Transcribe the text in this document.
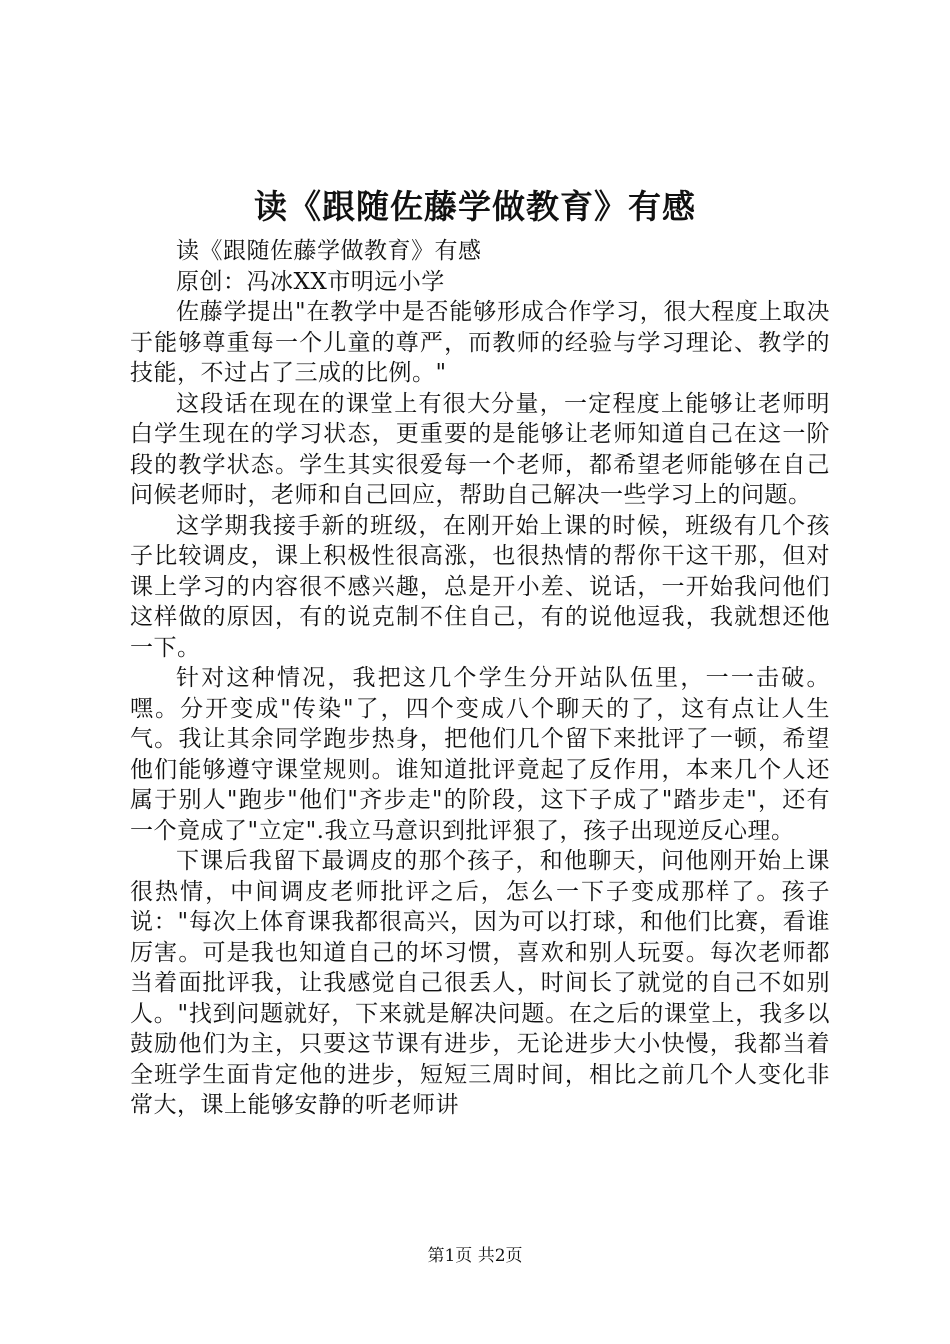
读《跟随佐藤学做教育》有感

读《跟随佐藤学做教育》有感

原创：冯冰XX市明远小学

佐藤学提出"在教学中是否能够形成合作学习，很大程度上取决于能够尊重每一个儿童的尊严，而教师的经验与学习理论、教学的技能，不过占了三成的比例。"

这段话在现在的课堂上有很大分量，一定程度上能够让老师明白学生现在的学习状态，更重要的是能够让老师知道自己在这一阶段的教学状态。学生其实很爱每一个老师，都希望老师能够在自己问候老师时，老师和自己回应，帮助自己解决一些学习上的问题。

这学期我接手新的班级，在刚开始上课的时候，班级有几个孩子比较调皮，课上积极性很高涨，也很热情的帮你干这干那，但对课上学习的内容很不感兴趣，总是开小差、说话，一开始我问他们这样做的原因，有的说克制不住自己，有的说他逗我，我就想还他一下。

针对这种情况，我把这几个学生分开站队伍里，一一击破。嘿。分开变成"传染"了，四个变成八个聊天的了，这有点让人生气。我让其余同学跑步热身，把他们几个留下来批评了一顿，希望他们能够遵守课堂规则。谁知道批评竟起了反作用，本来几个人还属于别人"跑步"他们"齐步走"的阶段，这下子成了"踏步走"，还有一个竟成了"立定".我立马意识到批评狠了，孩子出现逆反心理。

下课后我留下最调皮的那个孩子，和他聊天，问他刚开始上课很热情，中间调皮老师批评之后，怎么一下子变成那样了。孩子说："每次上体育课我都很高兴，因为可以打球，和他们比赛，看谁厉害。可是我也知道自己的坏习惯，喜欢和别人玩耍。每次老师都当着面批评我，让我感觉自己很丢人，时间长了就觉的自己不如别人。"找到问题就好，下来就是解决问题。在之后的课堂上，我多以鼓励他们为主，只要这节课有进步，无论进步大小快慢，我都当着全班学生面肯定他的进步，短短三周时间，相比之前几个人变化非常大，课上能够安静的听老师讲

第1页 共2页
